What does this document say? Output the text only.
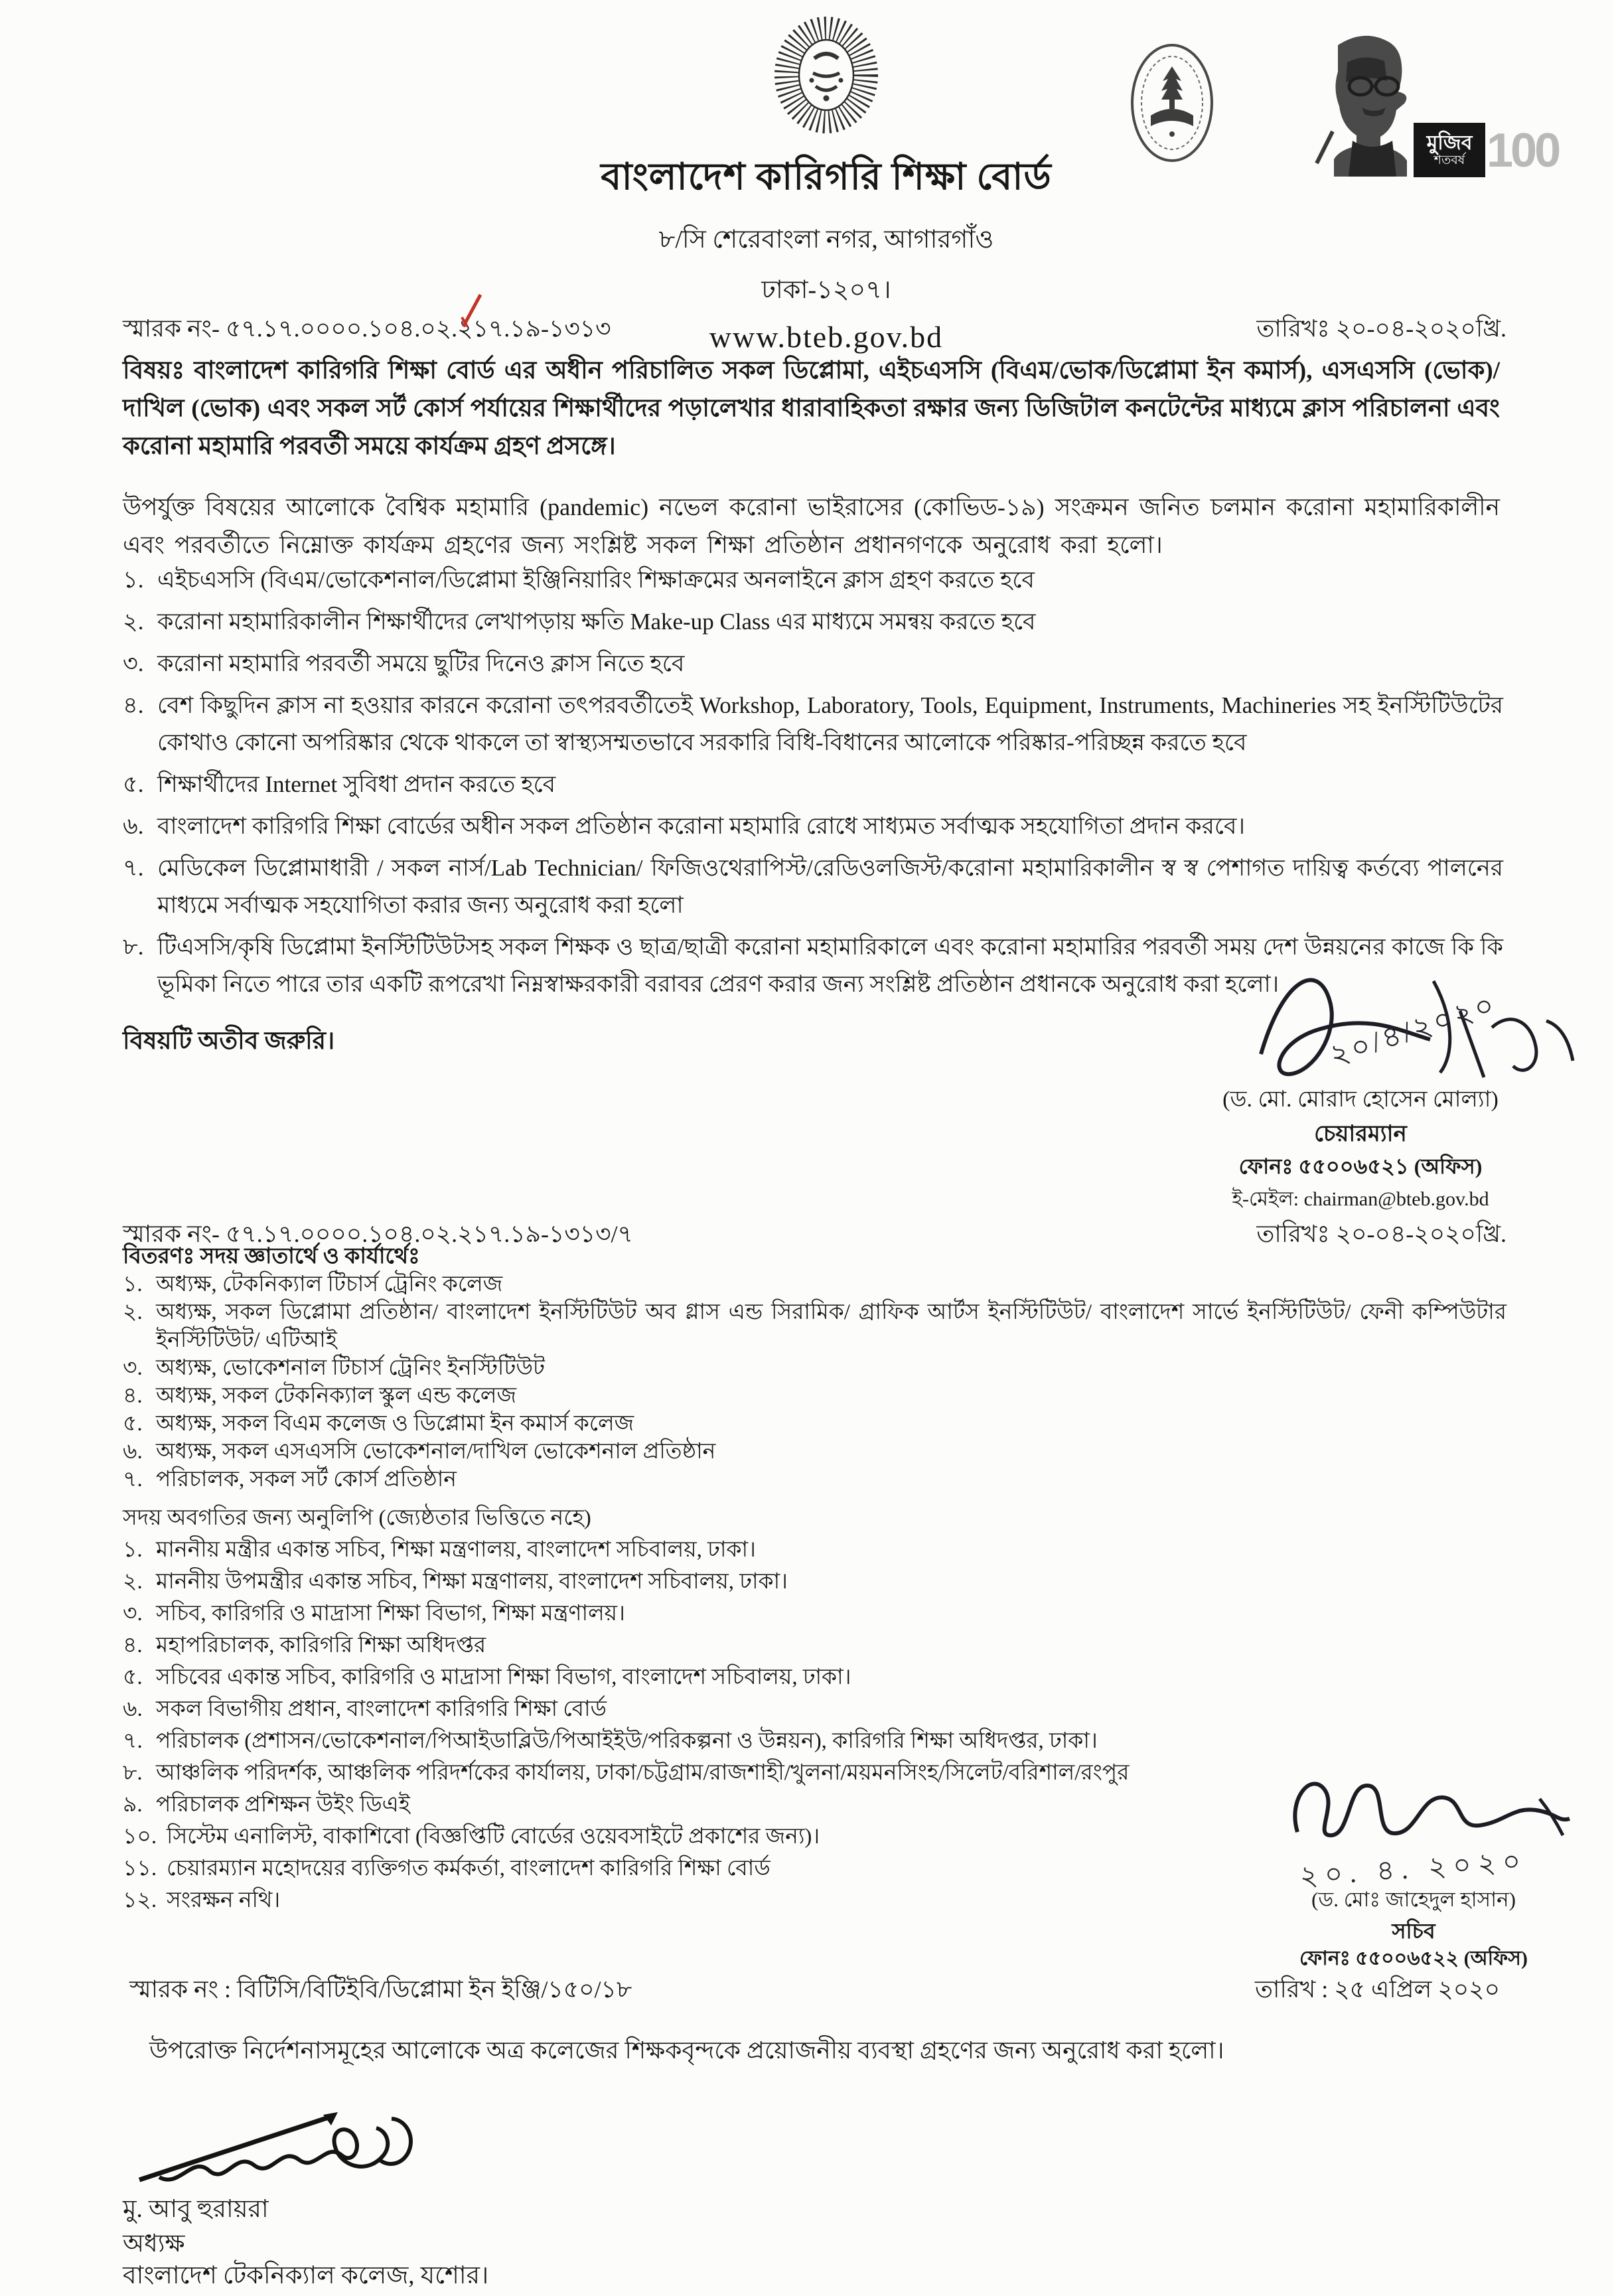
বাংলাদেশ কারিগরি শিক্ষা বোর্ড
৮/সি শেরেবাংলা নগর, আগারগাঁও
ঢাকা-১২০৭।
www.bteb.gov.bd
মুজিব
শতবর্ষ 100
স্মারক নং- ৫৭.১৭.০০০০.১০৪.০২.২১৭.১৯-১৩১৩	তারিখঃ ২০-০৪-২০২০খ্রি.
বিষয়ঃ বাংলাদেশ কারিগরি শিক্ষা বোর্ড এর অধীন পরিচালিত সকল ডিপ্লোমা, এইচএসসি (বিএম/ভোক/ডিপ্লোমা ইন কমার্স), এসএসসি (ভোক)/দাখিল (ভোক) এবং সকল সর্ট কোর্স পর্যায়ের শিক্ষার্থীদের পড়ালেখার ধারাবাহিকতা রক্ষার জন্য ডিজিটাল কনটেন্টের মাধ্যমে ক্লাস পরিচালনা এবং করোনা মহামারি পরবর্তী সময়ে কার্যক্রম গ্রহণ প্রসঙ্গে।
উপর্যুক্ত বিষয়ের আলোকে বৈশ্বিক মহামারি (pandemic) নভেল করোনা ভাইরাসের (কোভিড-১৯) সংক্রমন জনিত চলমান করোনা মহামারিকালীন এবং পরবর্তীতে নিম্নোক্ত কার্যক্রম গ্রহণের জন্য সংশ্লিষ্ট সকল শিক্ষা প্রতিষ্ঠান প্রধানগণকে অনুরোধ করা হলো।
১. এইচএসসি (বিএম/ভোকেশনাল/ডিপ্লোমা ইঞ্জিনিয়ারিং শিক্ষাক্রমের অনলাইনে ক্লাস গ্রহণ করতে হবে
২. করোনা মহামারিকালীন শিক্ষার্থীদের লেখাপড়ায় ক্ষতি Make-up Class এর মাধ্যমে সমন্বয় করতে হবে
৩. করোনা মহামারি পরবর্তী সময়ে ছুটির দিনেও ক্লাস নিতে হবে
৪. বেশ কিছুদিন ক্লাস না হওয়ার কারনে করোনা তৎপরবর্তীতেই Workshop, Laboratory, Tools, Equipment, Instruments, Machineries সহ ইনস্টিটিউটের কোথাও কোনো অপরিষ্কার থেকে থাকলে তা স্বাস্থ্যসম্মতভাবে সরকারি বিধি-বিধানের আলোকে পরিষ্কার-পরিচ্ছন্ন করতে হবে
৫. শিক্ষার্থীদের Internet সুবিধা প্রদান করতে হবে
৬. বাংলাদেশ কারিগরি শিক্ষা বোর্ডের অধীন সকল প্রতিষ্ঠান করোনা মহামারি রোধে সাধ্যমত সর্বাত্মক সহযোগিতা প্রদান করবে।
৭. মেডিকেল ডিপ্লোমাধারী / সকল নার্স/Lab Technician/ ফিজিওথেরাপিস্ট/রেডিওলজিস্ট/করোনা মহামারিকালীন স্ব স্ব পেশাগত দায়িত্ব কর্তব্যে পালনের মাধ্যমে সর্বাত্মক সহযোগিতা করার জন্য অনুরোধ করা হলো
৮. টিএসসি/কৃষি ডিপ্লোমা ইনস্টিটিউটসহ সকল শিক্ষক ও ছাত্র/ছাত্রী করোনা মহামারিকালে এবং করোনা মহামারির পরবর্তী সময় দেশ উন্নয়নের কাজে কি কি ভূমিকা নিতে পারে তার একটি রূপরেখা নিম্নস্বাক্ষরকারী বরাবর প্রেরণ করার জন্য সংশ্লিষ্ট প্রতিষ্ঠান প্রধানকে অনুরোধ করা হলো।
বিষয়টি অতীব জরুরি।	২০/৪/২০২০
(ড. মো. মোরাদ হোসেন মোল্যা)
চেয়ারম্যান
ফোনঃ ৫৫০০৬৫২১ (অফিস)
ই-মেইল: chairman@bteb.gov.bd
স্মারক নং- ৫৭.১৭.০০০০.১০৪.০২.২১৭.১৯-১৩১৩/৭	তারিখঃ ২০-০৪-২০২০খ্রি.
বিতরণঃ সদয় জ্ঞাতার্থে ও কার্যার্থেঃ
১. অধ্যক্ষ, টেকনিক্যাল টিচার্স ট্রেনিং কলেজ
২. অধ্যক্ষ, সকল ডিপ্লোমা প্রতিষ্ঠান/ বাংলাদেশ ইনস্টিটিউট অব গ্লাস এন্ড সিরামিক/ গ্রাফিক আর্টস ইনস্টিটিউট/ বাংলাদেশ সার্ভে ইনস্টিটিউট/ ফেনী কম্পিউটার ইনস্টিটিউট/ এটিআই
৩. অধ্যক্ষ, ভোকেশনাল টিচার্স ট্রেনিং ইনস্টিটিউট
৪. অধ্যক্ষ, সকল টেকনিক্যাল স্কুল এন্ড কলেজ
৫. অধ্যক্ষ, সকল বিএম কলেজ ও ডিপ্লোমা ইন কমার্স কলেজ
৬. অধ্যক্ষ, সকল এসএসসি ভোকেশনাল/দাখিল ভোকেশনাল প্রতিষ্ঠান
৭. পরিচালক, সকল সর্ট কোর্স প্রতিষ্ঠান
সদয় অবগতির জন্য অনুলিপি (জ্যেষ্ঠতার ভিত্তিতে নহে)
১. মাননীয় মন্ত্রীর একান্ত সচিব, শিক্ষা মন্ত্রণালয়, বাংলাদেশ সচিবালয়, ঢাকা।
২. মাননীয় উপমন্ত্রীর একান্ত সচিব, শিক্ষা মন্ত্রণালয়, বাংলাদেশ সচিবালয়, ঢাকা।
৩. সচিব, কারিগরি ও মাদ্রাসা শিক্ষা বিভাগ, শিক্ষা মন্ত্রণালয়।
৪. মহাপরিচালক, কারিগরি শিক্ষা অধিদপ্তর
৫. সচিবের একান্ত সচিব, কারিগরি ও মাদ্রাসা শিক্ষা বিভাগ, বাংলাদেশ সচিবালয়, ঢাকা।
৬. সকল বিভাগীয় প্রধান, বাংলাদেশ কারিগরি শিক্ষা বোর্ড
৭. পরিচালক (প্রশাসন/ভোকেশনাল/পিআইডাব্লিউ/পিআইইউ/পরিকল্পনা ও উন্নয়ন), কারিগরি শিক্ষা অধিদপ্তর, ঢাকা।
৮. আঞ্চলিক পরিদর্শক, আঞ্চলিক পরিদর্শকের কার্যালয়, ঢাকা/চট্টগ্রাম/রাজশাহী/খুলনা/ময়মনসিংহ/সিলেট/বরিশাল/রংপুর
৯. পরিচালক প্রশিক্ষন উইং ডিএই
১০. সিস্টেম এনালিস্ট, বাকাশিবো (বিজ্ঞপ্তিটি বোর্ডের ওয়েবসাইটে প্রকাশের জন্য)।
১১. চেয়ারম্যান মহোদয়ের ব্যক্তিগত কর্মকর্তা, বাংলাদেশ কারিগরি শিক্ষা বোর্ড
১২. সংরক্ষন নথি।
২০. ৪. ২০২০
(ড. মোঃ জাহেদুল হাসান)
সচিব
ফোনঃ ৫৫০০৬৫২২ (অফিস)
স্মারক নং : বিটিসি/বিটিইবি/ডিপ্লোমা ইন ইঞ্জি/১৫০/১৮	তারিখ : ২৫ এপ্রিল ২০২০
উপরোক্ত নির্দেশনাসমূহের আলোকে অত্র কলেজের শিক্ষকবৃন্দকে প্রয়োজনীয় ব্যবস্থা গ্রহণের জন্য অনুরোধ করা হলো।
মু. আবু হুরায়রা
অধ্যক্ষ
বাংলাদেশ টেকনিক্যাল কলেজ, যশোর।
